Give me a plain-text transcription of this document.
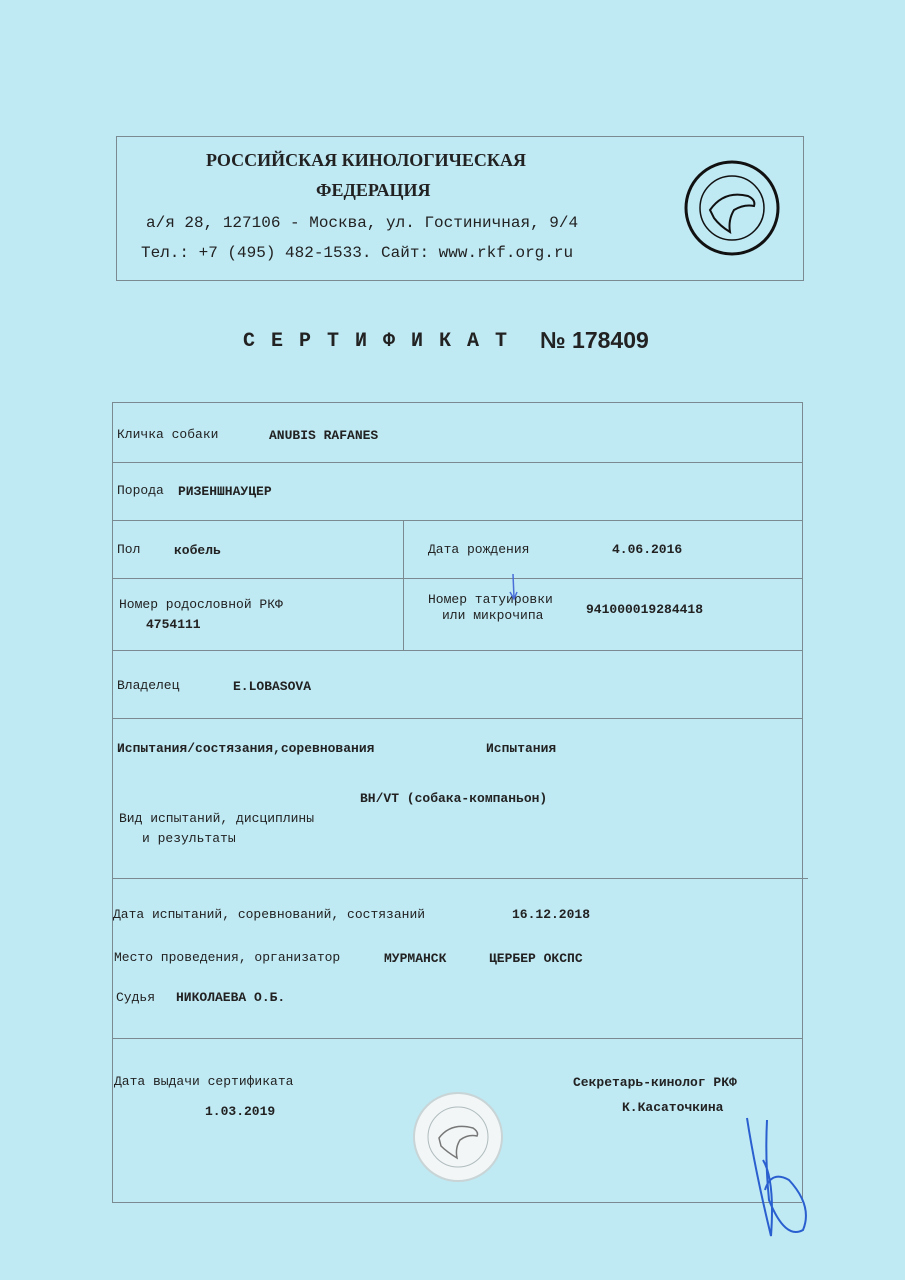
РОССИЙСКАЯ КИНОЛОГИЧЕСКАЯ
ФЕДЕРАЦИЯ
а/я 28, 127106 - Москва, ул. Гостиничная, 9/4
Тел.: +7 (495) 482-1533. Сайт: www.rkf.org.ru
С Е Р Т И Ф И К А Т № 178409
Кличка собаки	ANUBIS RAFANES
Порода РИЗЕНШНАУЦЕР
Пол	кобель	Дата рождения	4.06.2016
Номер родословной РКФ
4754111
Номер татуировки
или микрочипа	941000019284418
Владелец	E.LOBASOVA
Испытания/состязания,соревнования	Испытания
BH/VT (собака-компаньон)
Вид испытаний, дисциплины
и результаты
Дата испытаний, соревнований, состязаний	16.12.2018
Место проведения, организатор	МУРМАНСК	ЦЕРБЕР ОКСПС
Судья НИКОЛАЕВА О.Б.
Дата выдачи сертификата
1.03.2019
Секретарь-кинолог РКФ
К.Касаточкина
